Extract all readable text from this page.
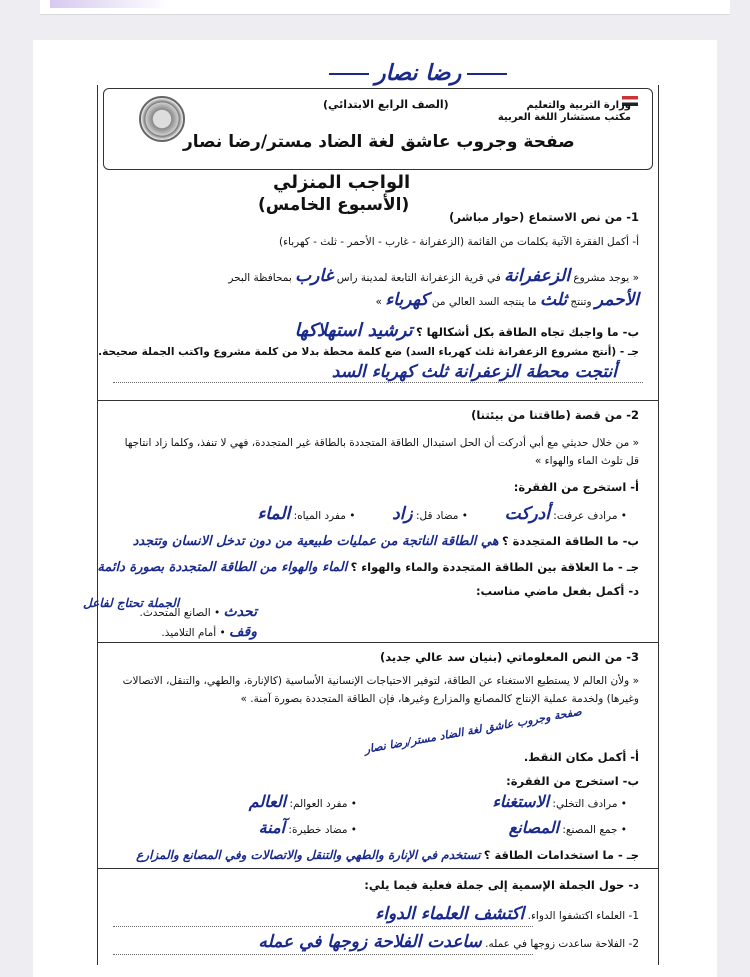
رضا نصار
وزارة التربية والتعليم
مكتب مستشار اللغة العربية
(الصف الرابع الابتدائي)
صفحة وجروب عاشق لغة الضاد مستر/رضا نصار
الواجب المنزلي
(الأسبوع الخامس)
1- من نص الاستماع (حوار مباشر)
أ- أكمل الفقرة الآتية بكلمات من القائمة (الزعفرانة - غارب - الأحمر - ثلث - كهرباء)
« يوجد مشروع الزعفرانة في قرية الزعفرانة التابعة لمدينة راس غارب بمحافظة البحر
الأحمر وتنتج ثلث ما ينتجه السد العالي من كهرباء »
ب- ما واجبك تجاه الطاقة بكل أشكالها ؟ ترشيد استهلاكها
جـ - (أنتج مشروع الزعفرانة ثلث كهرباء السد) ضع كلمة محطة بدلا من كلمة مشروع واكتب الجملة صحيحة.
أنتجت محطة الزعفرانة ثلث كهرباء السد
2- من قصة (طاقتنا من بيئتنا)
« من خلال حديثي مع أبي أدركت أن الحل استبدال الطاقة المتجددة بالطاقة غير المتجددة، فهي لا تنفذ، وكلما زاد انتاجها قل تلوث الماء والهواء »
أ- استخرج من الفقرة:
• مرادف عرفت: أدركت  • مضاد قل: زاد  • مفرد المياه: الماء
ب- ما الطاقة المتجددة ؟ هي الطاقة الناتجة من عمليات طبيعية من دون تدخل الانسان وتتجدد
جـ - ما العلاقة بين الطاقة المتجددة والماء والهواء ؟ الماء والهواء من الطاقة المتجددة بصورة دائمة
د- أكمل بفعل ماضي مناسب:
تحدث • الصانع المتحدث.
وقف • أمام التلاميذ.
الجملة تحتاج لفاعل
3- من النص المعلوماتي (بنيان سد عالي جديد)
« ولأن العالم لا يستطيع الاستغناء عن الطاقة، لتوفير الاحتياجات الإنسانية الأساسية (كالإنارة، والطهي، والتنقل، الاتصالات وغيرها) ولخدمة عملية الإنتاج كالمصانع والمزارع وغيرها، فإن الطاقة المتجددة بصورة آمنة. »
صفحة وجروب عاشق لغة الضاد مستر/رضا نصار
أ- أكمل مكان النقط.
ب- استخرج من الفقرة:
• مرادف التخلي: الاستغناء
• مفرد العوالم: العالم
• جمع المصنع: المصانع
• مضاد خطيرة: آمنة
جـ - ما استخدامات الطاقة ؟ تستخدم في الإنارة والطهي والتنقل والاتصالات وفي المصانع والمزارع
د- حول الجملة الإسمية إلى جملة فعلية فيما يلي:
1- العلماء اكتشفوا الدواء. اكتشف العلماء الدواء
2- الفلاحة ساعدت زوجها في عمله. ساعدت الفلاحة زوجها في عمله
